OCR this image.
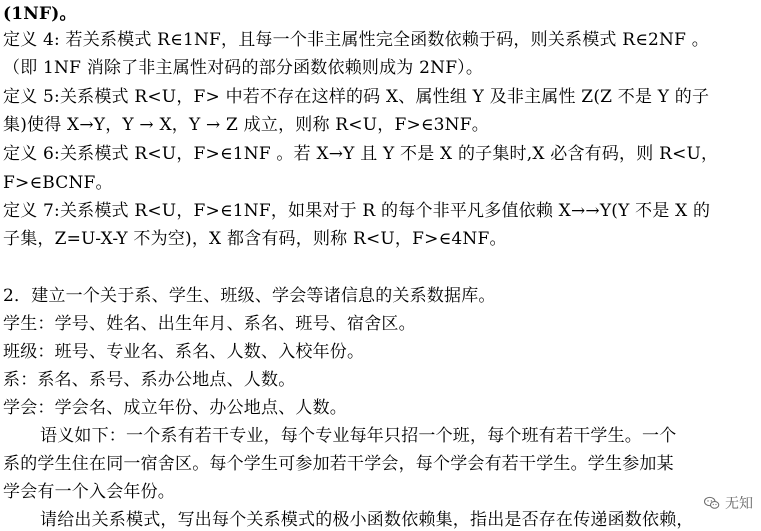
(1NF)。
定义 4: 若关系模式 R∈1NF，且每一个非主属性完全函数依赖于码，则关系模式 R∈2NF 。
（即 1NF 消除了非主属性对码的部分函数依赖则成为 2NF）。
定义 5:关系模式 R<U，F> 中若不存在这样的码 X、属性组 Y 及非主属性 Z(Z 不是 Y 的子
集)使得 X→Y，Y → X，Y → Z 成立，则称 R<U，F>∈3NF。
定义 6:关系模式 R<U，F>∈1NF 。若 X→Y 且 Y 不是 X 的子集时,X 必含有码，则 R<U，
F>∈BCNF。
定义 7:关系模式 R<U，F>∈1NF，如果对于 R 的每个非平凡多值依赖 X→→Y(Y 不是 X 的
子集，Z=U-X-Y 不为空)，X 都含有码，则称 R<U，F>∈4NF。
2．建立一个关于系、学生、班级、学会等诸信息的关系数据库。
学生：学号、姓名、出生年月、系名、班号、宿舍区。
班级：班号、专业名、系名、人数、入校年份。
系：系名、系号、系办公地点、人数。
学会：学会名、成立年份、办公地点、人数。
语义如下：一个系有若干专业，每个专业每年只招一个班，每个班有若干学生。一个
系的学生住在同一宿舍区。每个学生可参加若干学会，每个学会有若干学生。学生参加某
学会有一个入会年份。
请给出关系模式，写出每个关系模式的极小函数依赖集，指出是否存在传递函数依赖，
无知
